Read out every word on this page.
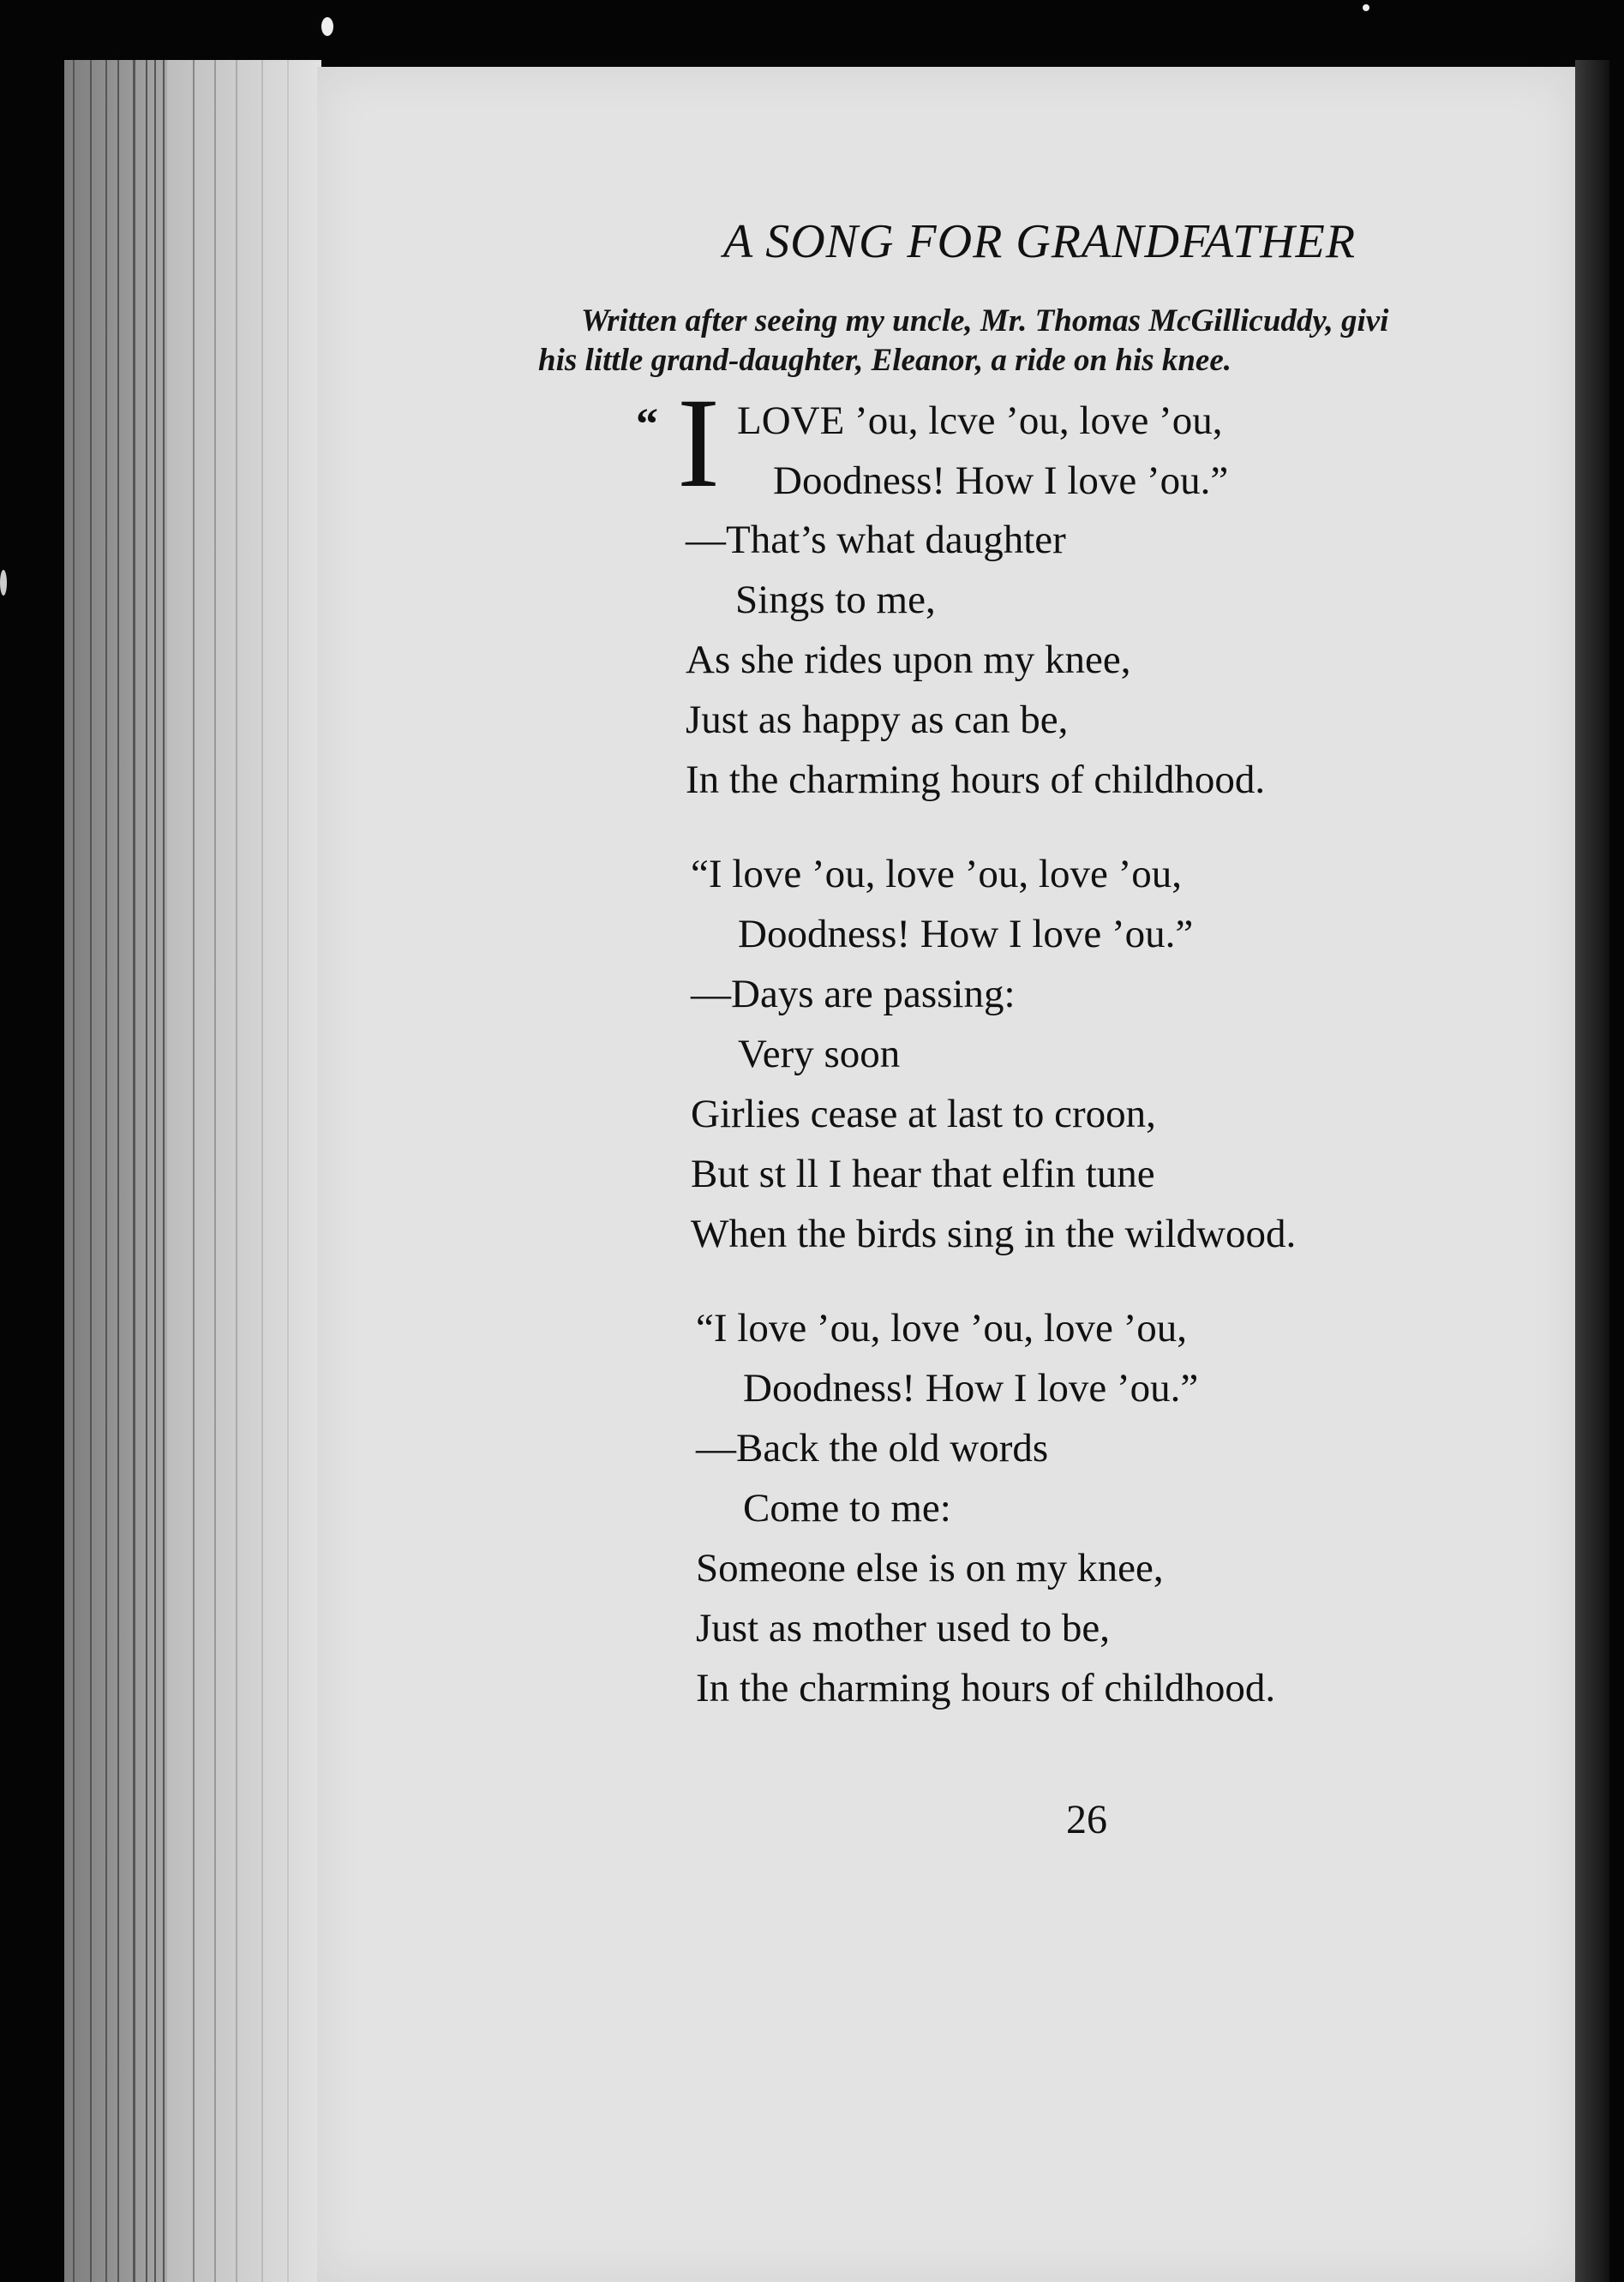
A SONG FOR GRANDFATHER
Written after seeing my uncle, Mr. Thomas McGillicuddy, givi
his little grand-daughter, Eleanor, a ride on his knee.
“ I LOVE ’ou, lcve ’ou, love ’ou,
Doodness! How I love ’ou.”
—That’s what daughter
Sings to me,
As she rides upon my knee,
Just as happy as can be,
In the charming hours of childhood.
“I love ’ou, love ’ou, love ’ou,
Doodness! How I love ’ou.”
—Days are passing:
Very soon
Girlies cease at last to croon,
But st ll I hear that elfin tune
When the birds sing in the wildwood.
“I love ’ou, love ’ou, love ’ou,
Doodness! How I love ’ou.”
—Back the old words
Come to me:
Someone else is on my knee,
Just as mother used to be,
In the charming hours of childhood.
26
